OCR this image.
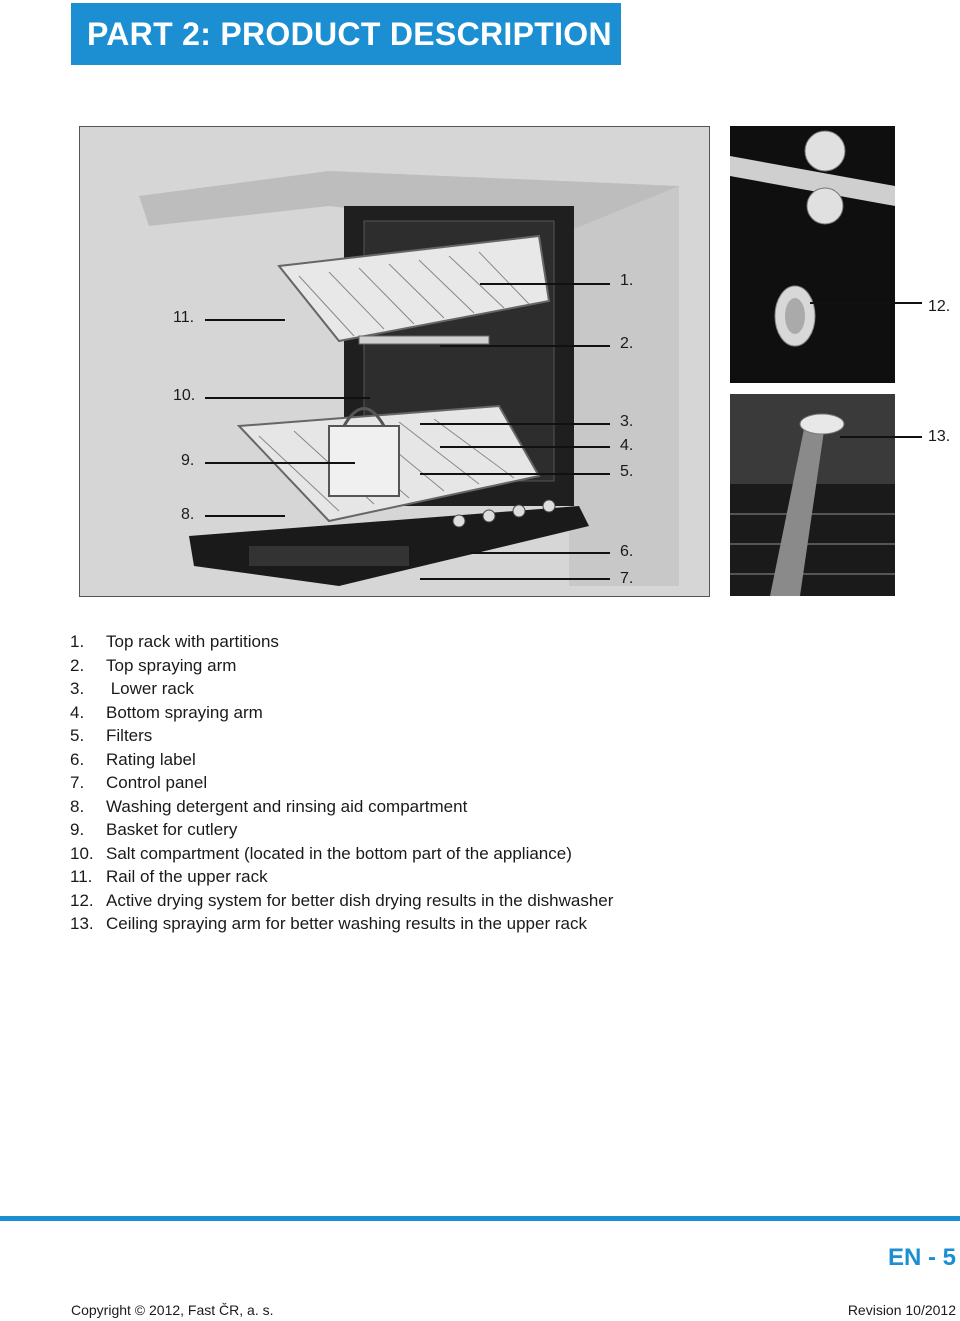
PART 2: PRODUCT DESCRIPTION
1.
2.
3.
4.
5.
6.
7.
8.
9.
10.
11.
12.
13.
1.	Top rack with partitions
2.	Top spraying arm
3.	Lower rack
4.	Bottom spraying arm
5.	Filters
6.	Rating label
7.	Control panel
8.	Washing detergent and rinsing aid compartment
9.	Basket for cutlery
10. Salt compartment (located in the bottom part of the appliance)
11. Rail of the upper rack
12. Active drying system for better dish drying results in the dishwasher
13. Ceiling spraying arm for better washing results in the upper rack
EN - 5
Copyright © 2012, Fast ČR, a. s.	Revision 10/2012
